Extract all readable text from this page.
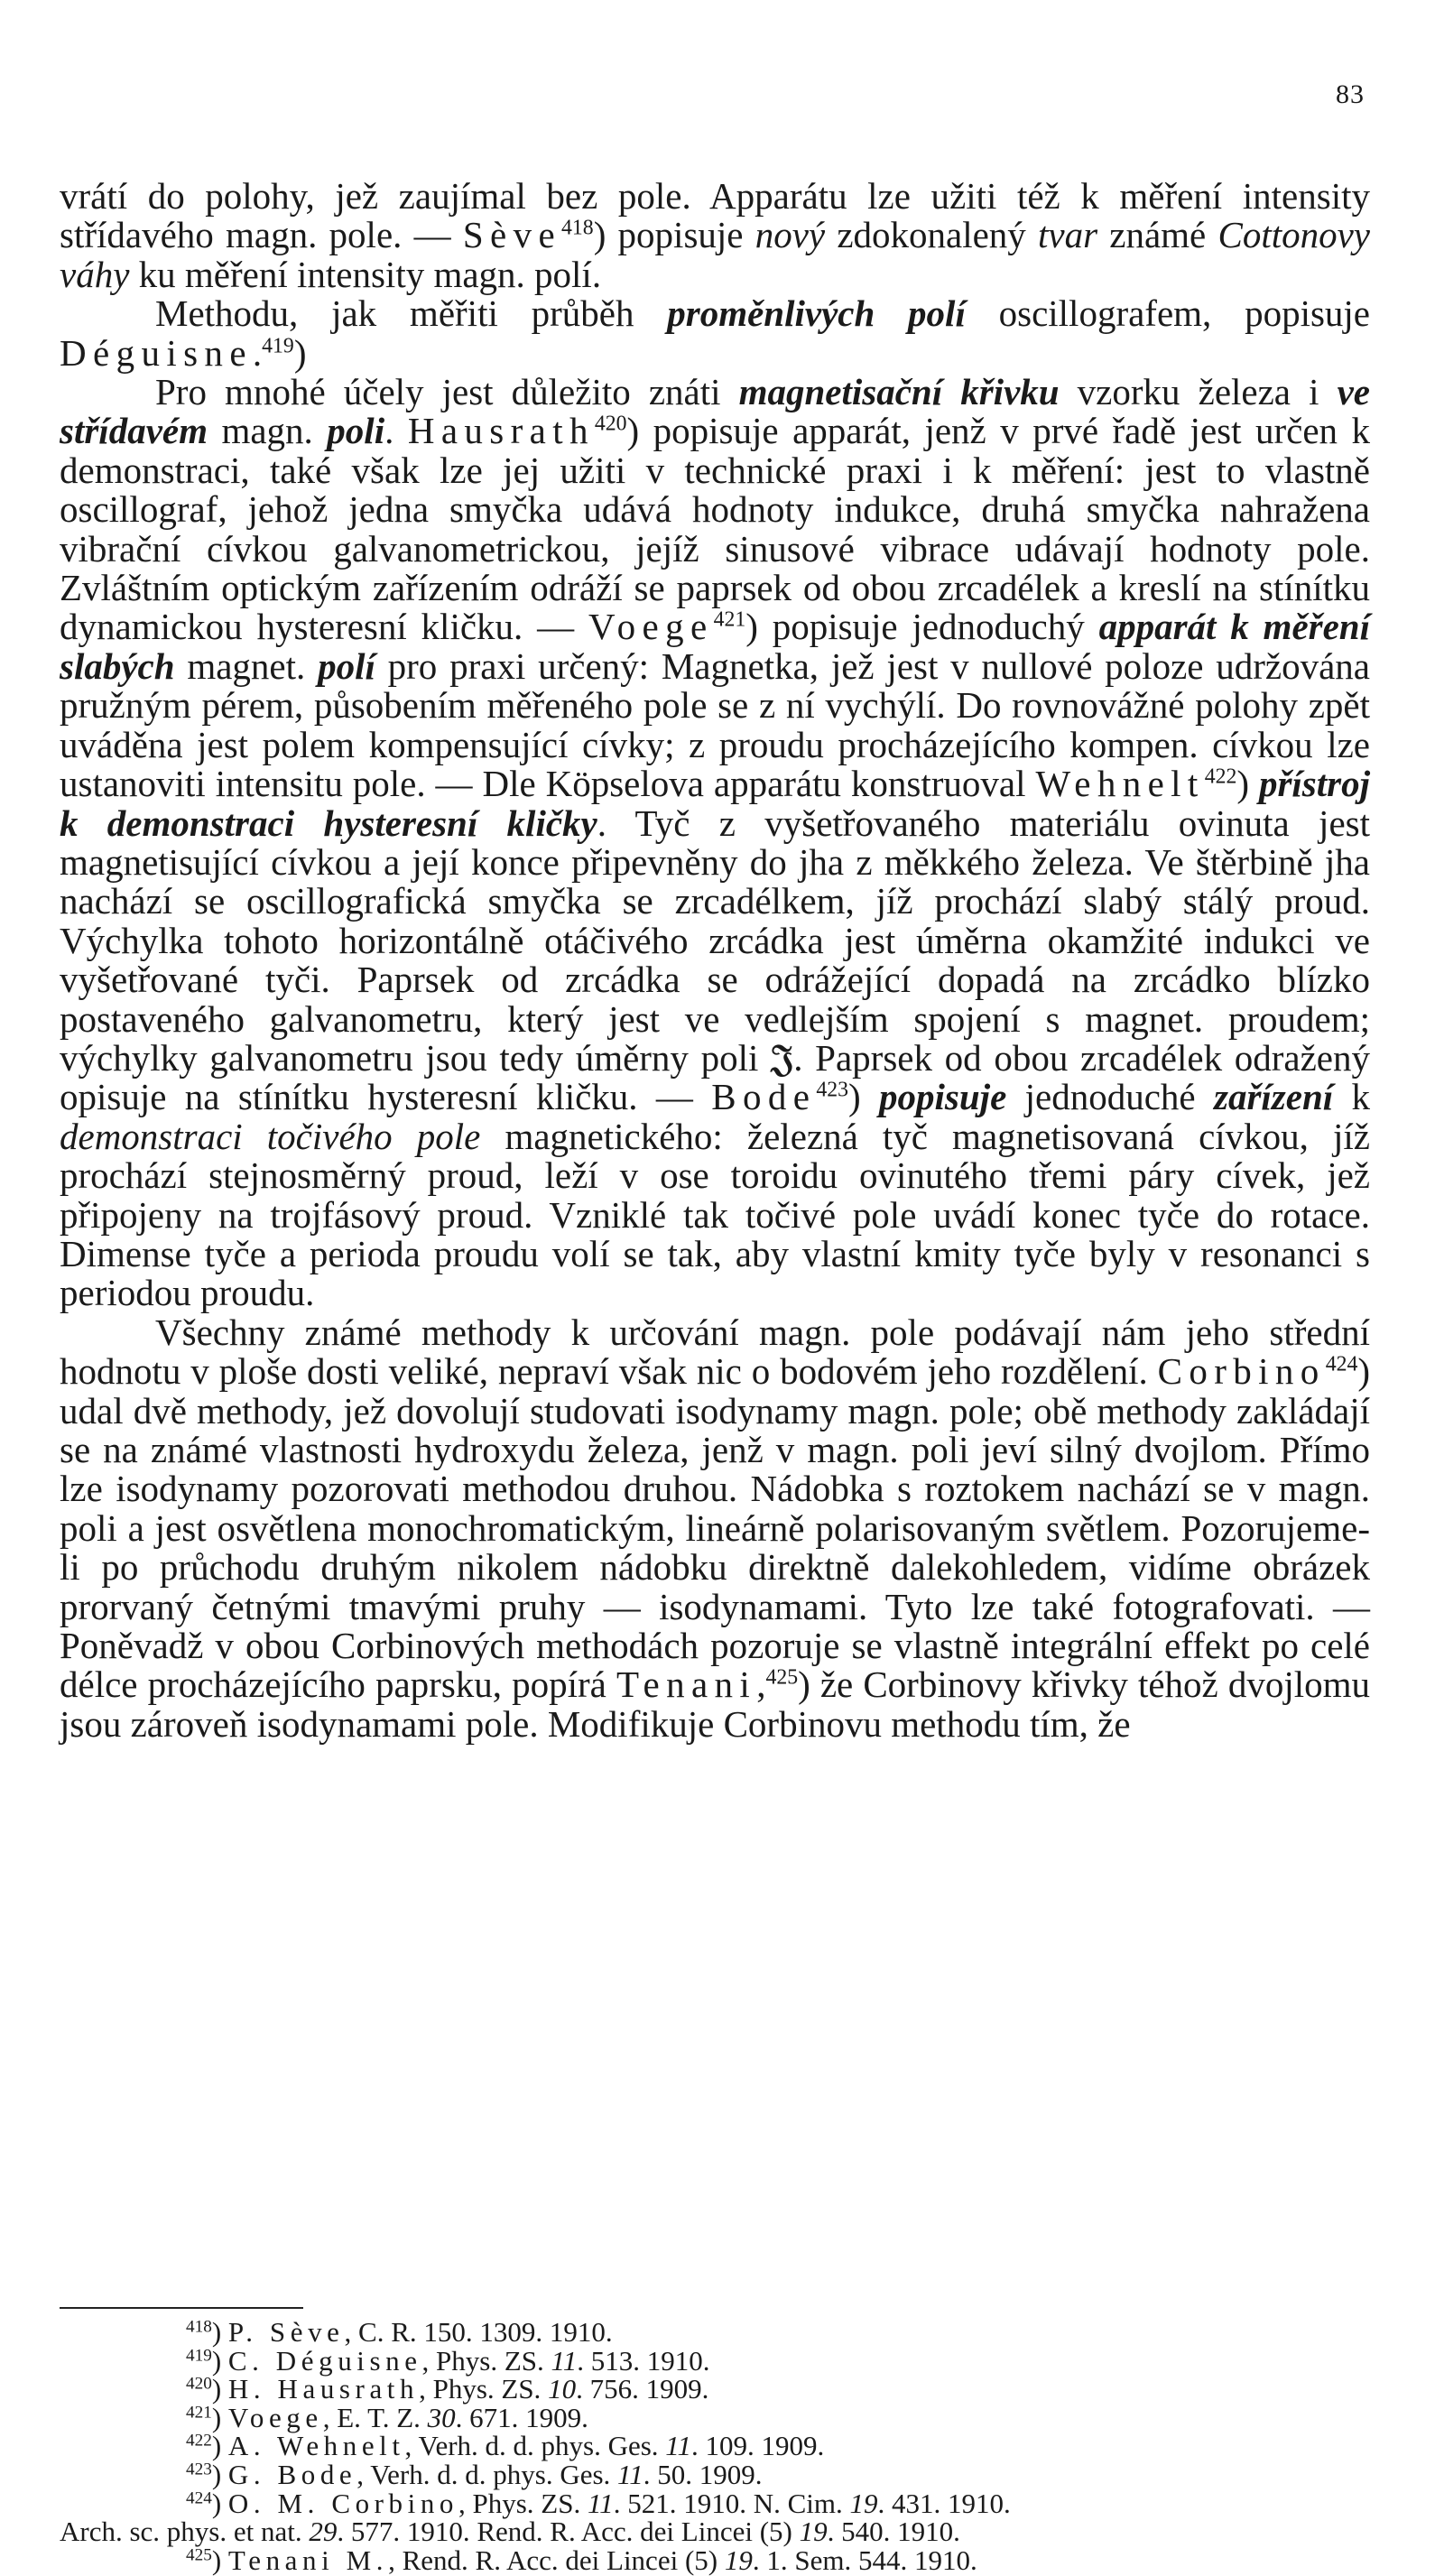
83

vrátí do polohy, jež zaujímal bez pole. Apparátu lze užiti též k měření intensity střídavého magn. pole. — Sève$^{418}$) popisuje nový zdokonalený tvar známé Cottonovy váhy ku měření intensity magn. polí.

Methodu, jak měřiti průběh proměnlivých polí oscillografem, popisuje Déguisne.$^{419}$)

Pro mnohé účely jest důležito znáti magnetisační křivku vzorku železa i ve střídavém magn. poli. Hausrath$^{420}$) popisuje apparát, jenž v prvé řadě jest určen k demonstraci, také však lze jej užiti v technické praxi i k měření: jest to vlastně oscillograf, jehož jedna smyčka udává hodnoty indukce, druhá smyčka nahražena vibrační cívkou galvanometrickou, jejíž sinusové vibrace udávají hodnoty pole. Zvláštním optickým zařízením odráží se paprsek od obou zrcadélek a kreslí na stínítku dynamickou hysteresní kličku. — Voege$^{421}$) popisuje jednoduchý apparát k měření slabých magnet. polí pro praxi určený: Magnetka, jež jest v nullové poloze udržována pružným pérem, působením měřeného pole se z ní vychýlí. Do rovnovážné polohy zpět uváděna jest polem kompensující cívky; z proudu procházejícího kompen. cívkou lze ustanoviti intensitu pole. — Dle Köpselova apparátu konstruoval Wehnelt$^{422}$) přístroj k demonstraci hysteresní kličky. Tyč z vyšetřovaného materiálu ovinuta jest magnetisující cívkou a její konce připevněny do jha z měkkého železa. Ve štěrbině jha nachází se oscillografická smyčka se zrcadélkem, jíž prochází slabý stálý proud. Výchylka tohoto horizontálně otáčivého zrcádka jest úměrna okamžité indukci ve vyšetřované tyči. Paprsek od zrcádka se odrážející dopadá na zrcádko blízko postaveného galvanometru, který jest ve vedlejším spojení s magnet. proudem; výchylky galvanometru jsou tedy úměrny poli 𝔍. Paprsek od obou zrcadélek odražený opisuje na stínítku hysteresní kličku. — Bode$^{423}$) popisuje jednoduché zařízení k demonstraci točivého pole magnetického: železná tyč magnetisovaná cívkou, jíž prochází stejnosměrný proud, leží v ose toroidu ovinutého třemi páry cívek, jež připojeny na trojfásový proud. Vzniklé tak točivé pole uvádí konec tyče do rotace. Dimense tyče a perioda proudu volí se tak, aby vlastní kmity tyče byly v resonanci s periodou proudu.

Všechny známé methody k určování magn. pole podávají nám jeho střední hodnotu v ploše dosti veliké, nepraví však nic o bodovém jeho rozdělení. Corbino$^{424}$) udal dvě methody, jež dovolují studovati isodynamy magn. pole; obě methody zakládají se na známé vlastnosti hydroxydu železa, jenž v magn. poli jeví silný dvojlom. Přímo lze isodynamy pozorovati methodou druhou. Nádobka s roztokem nachází se v magn. poli a jest osvětlena monochromatickým, lineárně polarisovaným světlem. Pozorujeme-li po průchodu druhým nikolem nádobku direktně dalekohledem, vidíme obrázek prorvaný četnými tmavými pruhy — isodynamami. Tyto lze také fotografovati. — Poněvadž v obou Corbinových methodách pozoruje se vlastně integrální effekt po celé délce procházejícího paprsku, popírá Tenani,$^{425}$) že Corbinovy křivky téhož dvojlomu jsou zároveň isodynamami pole. Modifikuje Corbinovu methodu tím, že

$^{418}$) P. Sève, C. R. 150. 1309. 1910.
$^{419}$) C. Déguisne, Phys. ZS. 11. 513. 1910.
$^{420}$) H. Hausrath, Phys. ZS. 10. 756. 1909.
$^{421}$) Voege, E. T. Z. 30. 671. 1909.
$^{422}$) A. Wehnelt, Verh. d. d. phys. Ges. 11. 109. 1909.
$^{423}$) G. Bode, Verh. d. d. phys. Ges. 11. 50. 1909.
$^{424}$) O. M. Corbino, Phys. ZS. 11. 521. 1910. N. Cim. 19. 431. 1910.
Arch. sc. phys. et nat. 29. 577. 1910. Rend. R. Acc. dei Lincei (5) 19. 540. 1910.
$^{425}$) Tenani M., Rend. R. Acc. dei Lincei (5) 19. 1. Sem. 544. 1910.
